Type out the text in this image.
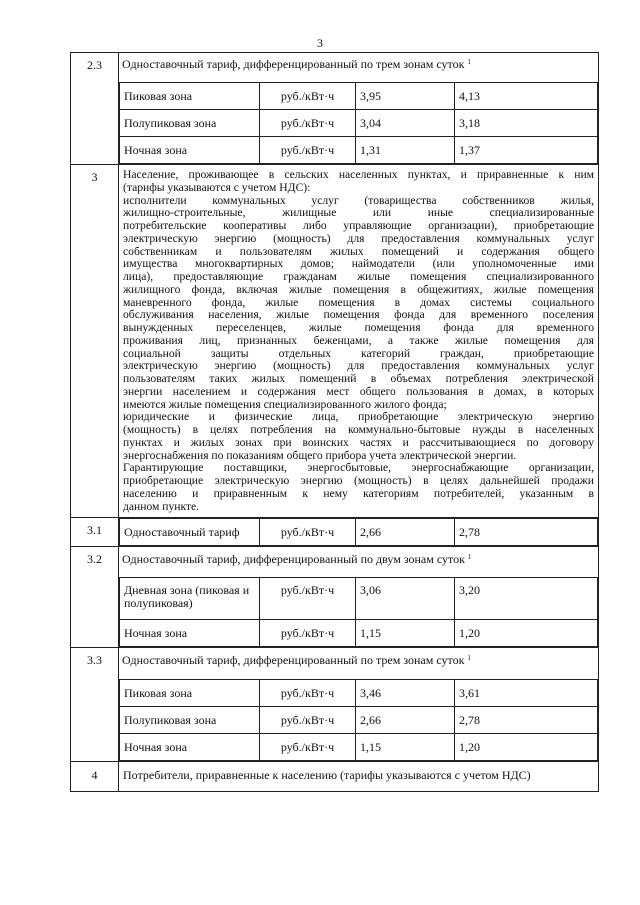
3
2.3	Одноставочный тариф, дифференцированный по трем зонам суток $^1$
Пиковая зона	руб./кВт·ч	3,95	4,13
Полупиковая зона	руб./кВт·ч	3,04	3,18
Ночная зона	руб./кВт·ч	1,31	1,37

3	Население, проживающее в сельских населенных пунктах, и приравненные к ним
(тарифы указываются с учетом НДС):
исполнители коммунальных услуг (товарищества собственников жилья,
жилищно-строительные, жилищные или иные специализированные
потребительские кооперативы либо управляющие организации), приобретающие
электрическую энергию (мощность) для предоставления коммунальных услуг
собственникам и пользователям жилых помещений и содержания общего
имущества многоквартирных домов; наймодатели (или уполномоченные ими
лица), предоставляющие гражданам жилые помещения специализированного
жилищного фонда, включая жилые помещения в общежитиях, жилые помещения
маневренного фонда, жилые помещения в домах системы социального
обслуживания населения, жилые помещения фонда для временного поселения
вынужденных переселенцев, жилые помещения фонда для временного
проживания лиц, признанных беженцами, а также жилые помещения для
социальной защиты отдельных категорий граждан, приобретающие
электрическую энергию (мощность) для предоставления коммунальных услуг
пользователям таких жилых помещений в объемах потребления электрической
энергии населением и содержания мест общего пользования в домах, в которых
имеются жилые помещения специализированного жилого фонда;
юридические и физические лица, приобретающие электрическую энергию
(мощность) в целях потребления на коммунально-бытовые нужды в населенных
пунктах и жилых зонах при воинских частях и рассчитывающиеся по договору
энергоснабжения по показаниям общего прибора учета электрической энергии.
Гарантирующие поставщики, энергосбытовые, энергоснабжающие организации,
приобретающие электрическую энергию (мощность) в целях дальнейшей продажи
населению и приравненным к нему категориям потребителей, указанным в
данном пункте.

3.1	Одноставочный тариф	руб./кВт·ч	2,66	2,78

3.2	Одноставочный тариф, дифференцированный по двум зонам суток $^1$
Дневная зона (пиковая и полупиковая)	руб./кВт·ч	3,06	3,20
Ночная зона	руб./кВт·ч	1,15	1,20

3.3	Одноставочный тариф, дифференцированный по трем зонам суток $^1$
Пиковая зона	руб./кВт·ч	3,46	3,61
Полупиковая зона	руб./кВт·ч	2,66	2,78
Ночная зона	руб./кВт·ч	1,15	1,20

4	Потребители, приравненные к населению (тарифы указываются с учетом НДС)
